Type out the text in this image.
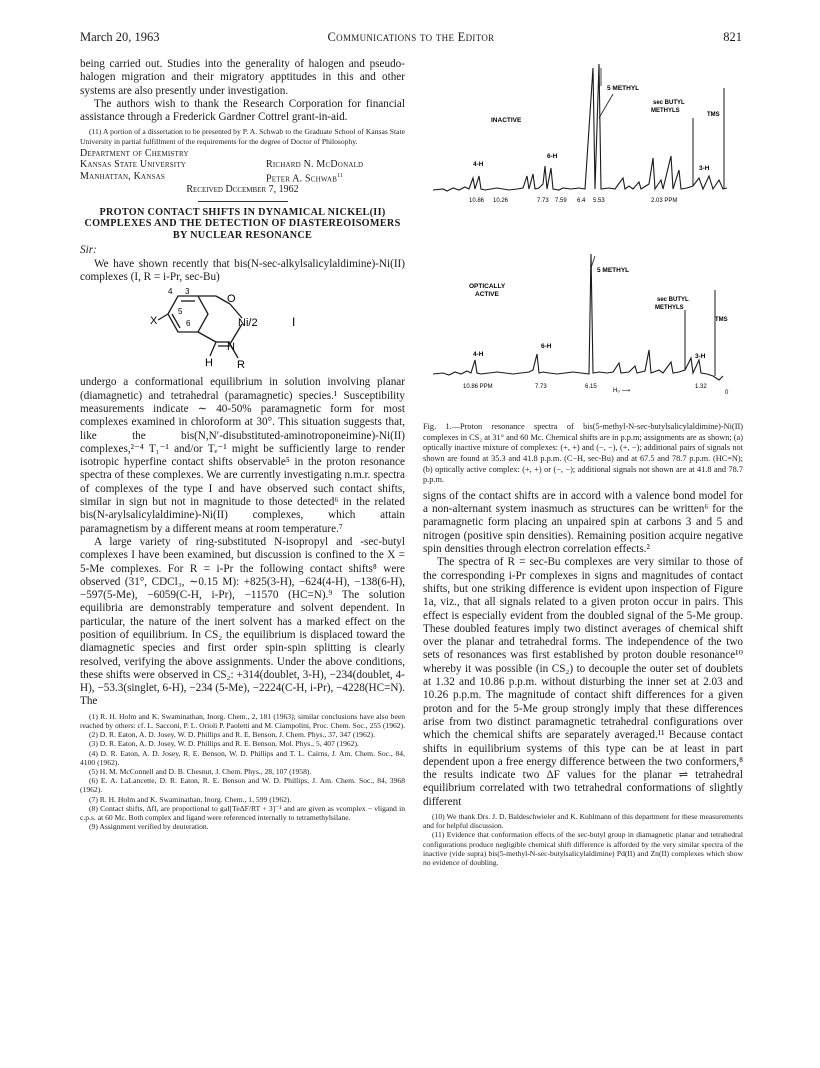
March 20, 1963	Communications to the Editor	821

being carried out. Studies into the generality of halogen and pseudo-halogen migration and their migratory apptitudes in this and other systems are also presently under investigation.

The authors wish to thank the Research Corporation for financial assistance through a Frederick Gardner Cottrel grant-in-aid.

(11) A portion of a dissertation to be presented by P. A. Schwab to the Graduate School of Kansas State University in partial fulfillment of the requirements for the degree of Doctor of Philosophy.

Department of Chemistry
Kansas State University	Richard N. McDonald
Manhattan, Kansas	Peter A. Schwab$^{11}$
Received Dccember 7, 1962
PROTON CONTACT SHIFTS IN DYNAMICAL NICKEL(II) COMPLEXES AND THE DETECTION OF DIASTEREOISOMERS BY NUCLEAR RESONANCE
Sir:

We have shown recently that bis(N-sec-alkylsalicylaldimine)-Ni(II) complexes (I, R = i-Pr, sec-Bu)

4
5
6
3
X
O
Ni/2
N
H R
I

undergo a conformational equilibrium in solution involving planar (diamagnetic) and tetrahedral (paramagnetic) species.¹ Susceptibility measurements indicate ∼ 40-50% paramagnetic form for most complexes examined in chloroform at 30°. This situation suggests that, like the bis(N,N′-disubstituted-aminotroponeimine)-Ni(II) complexes,²⁻⁴ T₁⁻¹ and/or Tₑ⁻¹ might be sufficiently large to render isotropic hyperfine contact shifts observable⁵ in the proton resonance spectra of these complexes. We are currently investigating n.m.r. spectra of complexes of the type I and have observed such contact shifts, similar in sign but not in magnitude to those detected⁶ in the related bis(N-arylsalicylaldimine)-Ni(II) complexes, which attain paramagnetism by a different means at room temperature.⁷

A large variety of ring-substituted N-isopropyl and -sec-butyl complexes I have been examined, but discussion is confined to the X = 5-Me complexes. For R = i-Pr the following contact shifts⁸ were observed (31°, CDCl₃, ∼0.15 M): +825(3-H), −624(4-H), −138(6-H), −597(5-Me), −6059(C-H, i-Pr), −11570 (HC=N).⁹ The solution equilibria are demonstrably temperature and solvent dependent. In particular, the nature of the inert solvent has a marked effect on the position of equilibrium. In CS₂ the equilibrium is displaced toward the diamagnetic species and first order spin-spin splitting is clearly resolved, verifying the above assignments. Under the above conditions, these shifts were observed in CS₂: +314(doublet, 3-H), −234(doublet, 4-H), −53.3(singlet, 6-H), −234 (5-Me), −2224(C-H, i-Pr), −4228(HC=N). The

(1) R. H. Holm and K. Swaminathan, Inorg. Chem., 2, 181 (1963); similar conclusions have also been reached by others: cf. L. Sacconi, P. L. Orioli P. Paoletti and M. Ciampolini, Proc. Chem. Soc., 255 (1962).

(2) D. R. Eaton, A. D. Josey, W. D. Phillips and R. E. Benson, J. Chem. Phys., 37, 347 (1962).

(3) D. R. Eaton, A. D. Josey, W. D. Phillips and R. E. Benson, Mol. Phys., 5, 407 (1962).

(4) D. R. Eaton, A. D. Josey, R. E. Benson, W. D. Phillips and T. L. Cairns, J. Am. Chem. Soc., 84, 4100 (1962).

(5) H. M. McConnell and D. B. Chesnut, J. Chem. Phys., 28, 107 (1958).

(6) E. A. LaLancette, D. R. Eaton, R. E. Benson and W. D. Phillips, J. Am. Chem. Soc., 84, 3968 (1962).

(7) R. H. Holm and K. Swaminathan, Inorg. Chem., 1, 599 (1962).

(8) Contact shifts, ΔfI, are proportional to gaI[TeΔF/RT + 3]⁻¹ and are given as νcomplex − νligand in c.p.s. at 60 Mc. Both complex and ligand were referenced internally to tetramethylsilane.

(9) Assignment verified by deuteration.

5 METHYL
sec BUTYL
METHYLS
TMS
INACTIVE
4-H
6-H
3-H
10.86 10.26	7.73 7.59 6.4 5.53	2.03 PPM
5 METHYL
sec BUTYL
METHYLS
TMS
OPTICALLY
ACTIVE
4-H
6-H
3-H
10.86 PPM	7.73	6.15	1.32
0
H₀ ⟶
Fig. 1.—Proton resonance spectra of bis(5-methyl-N-sec-butylsalicylaldimine)-Ni(II) complexes in CS₂ at 31° and 60 Mc. Chemical shifts are in p.p.m; assignments are as shown; (a) optically inactive mixture of complexes: (+, +) and (−, −), (+, −); additional pairs of signals not shown are found at 35.3 and 41.8 p.p.m. (C−H, sec-Bu) and at 67.5 and 78.7 p.p.m. (HC=N); (b) optically active complex: (+, +) or (−, −); additional signals not shown are at 41.8 and 78.7 p.p.m.

signs of the contact shifts are in accord with a valence bond model for a non-alternant system inasmuch as structures can be written⁶ for the paramagnetic form placing an unpaired spin at carbons 3 and 5 and nitrogen (positive spin densities). Remaining position acquire negative spin densities through electron correlation effects.²

The spectra of R = sec-Bu complexes are very similar to those of the corresponding i-Pr complexes in signs and magnitudes of contact shifts, but one striking difference is evident upon inspection of Figure 1a, viz., that all signals related to a given proton occur in pairs. This effect is especially evident from the doubled signal of the 5-Me group. These doubled features imply two distinct averages of chemical shift over the planar and tetrahedral forms. The independence of the two sets of resonances was first established by proton double resonance¹⁰ whereby it was possible (in CS₂) to decouple the outer set of doublets at 1.32 and 10.86 p.p.m. without disturbing the inner set at 2.03 and 10.26 p.p.m. The magnitude of contact shift differences for a given proton and for the 5-Me group strongly imply that these differences arise from two distinct paramagnetic tetrahedral configurations over which the chemical shifts are separately averaged.¹¹ Because contact shifts in equilibrium systems of this type can be at least in part dependent upon a free energy difference between the two conformers,⁸ the results indicate two ΔF values for the planar ⇌ tetrahedral equilibrium correlated with two tetrahedral conformations of slightly different

(10) We thank Drs. J. D. Baldeschwieler and K. Kuhlmann of this department for these measurements and for helpful discussion.

(11) Evidence that conformation effects of the sec-butyl group in diamagnetic planar and tetrahedral configurations produce negligible chemical shift difference is afforded by the very similar spectra of the inactive (vide supra) bis(5-methyl-N-sec-butylsalicylaldimine) Pd(II) and Zn(II) complexes which show no evidence of doubling.
